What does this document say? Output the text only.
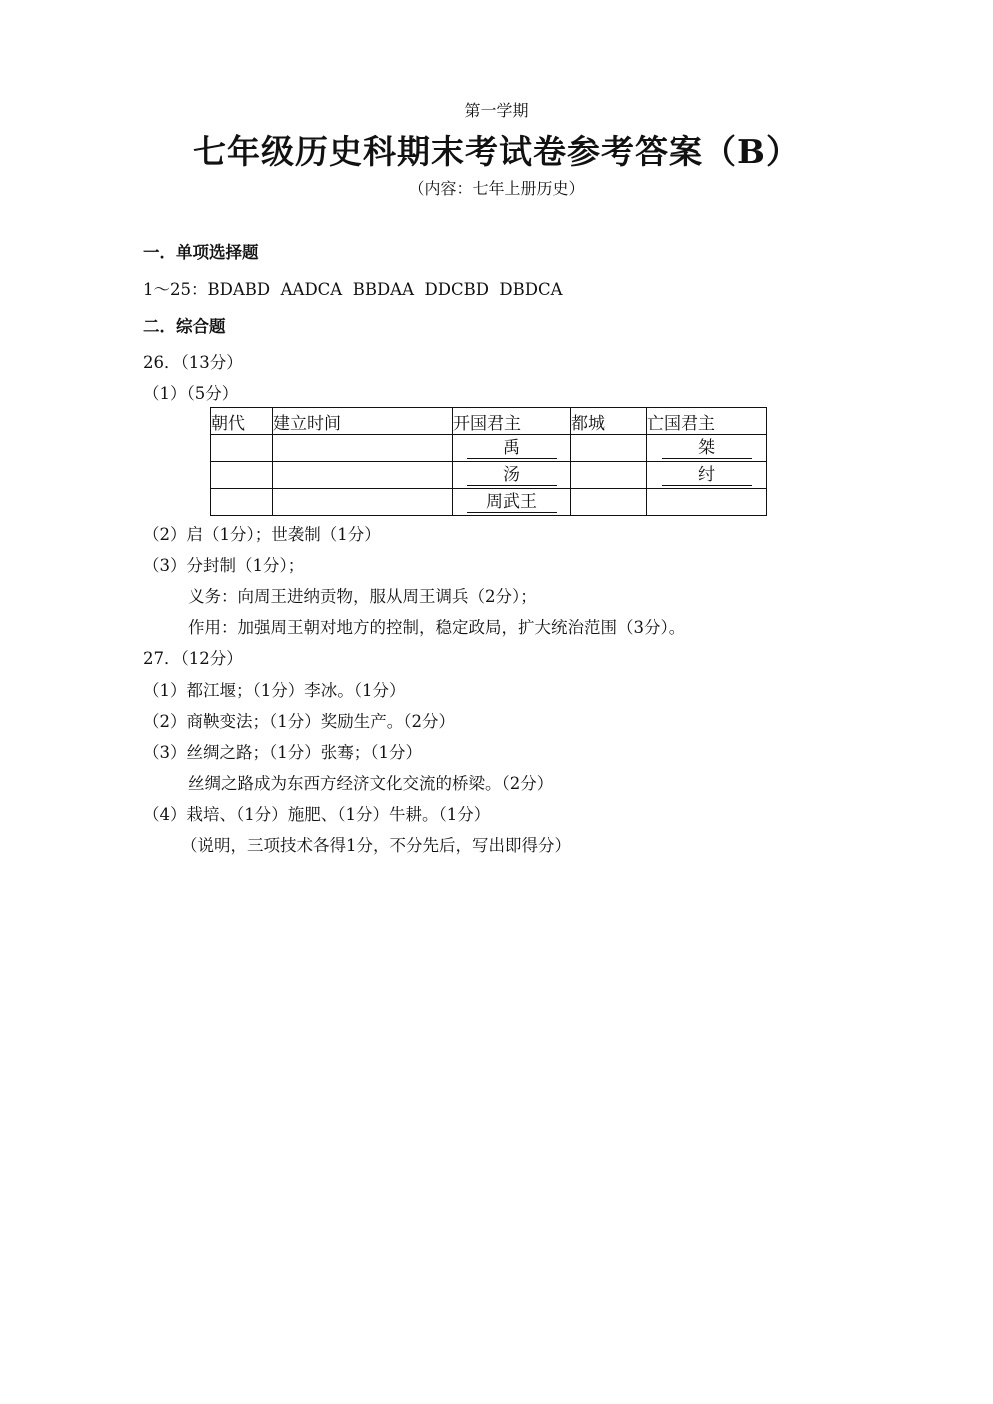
第一学期
七年级历史科期末考试卷参考答案（B）
（内容：七年上册历史）
一．单项选择题
1～25：BDABD  AADCA  BBDAA  DDCBD  DBDCA
二．综合题
26．（13分）
（1）（5分）
朝代	建立时间	开国君主	都城	亡国君主
		禹		桀
		汤		纣
		周武王		
（2）启（1分）；世袭制（1分）
（3）分封制（1分）；
义务：向周王进纳贡物，服从周王调兵（2分）；
作用：加强周王朝对地方的控制，稳定政局，扩大统治范围（3分）。
27．（12分）
（1）都江堰；（1分）李冰。（1分）
（2）商鞅变法；（1分）奖励生产。（2分）
（3）丝绸之路；（1分）张骞；（1分）
丝绸之路成为东西方经济文化交流的桥梁。（2分）
（4）栽培、（1分）施肥、（1分）牛耕。（1分）
（说明，三项技术各得1分，不分先后，写出即得分）
